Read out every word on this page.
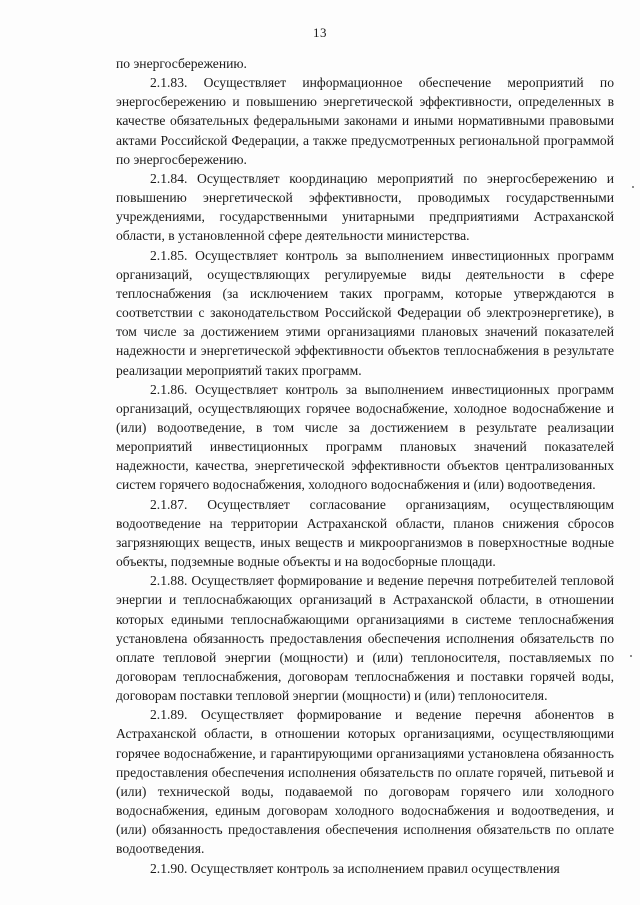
13

по энергосбережению.

2.1.83. Осуществляет информационное обеспечение мероприятий по энергосбережению и повышению энергетической эффективности, определенных в качестве обязательных федеральными законами и иными нормативными правовыми актами Российской Федерации, а также предусмотренных региональной программой по энергосбережению.

2.1.84. Осуществляет координацию мероприятий по энергосбережению и повышению энергетической эффективности, проводимых государственными учреждениями, государственными унитарными предприятиями Астраханской области, в установленной сфере деятельности министерства.

2.1.85. Осуществляет контроль за выполнением инвестиционных программ организаций, осуществляющих регулируемые виды деятельности в сфере теплоснабжения (за исключением таких программ, которые утверждаются в соответствии с законодательством Российской Федерации об электроэнергетике), в том числе за достижением этими организациями плановых значений показателей надежности и энергетической эффективности объектов теплоснабжения в результате реализации мероприятий таких программ.

2.1.86. Осуществляет контроль за выполнением инвестиционных программ организаций, осуществляющих горячее водоснабжение, холодное водоснабжение и (или) водоотведение, в том числе за достижением в результате реализации мероприятий инвестиционных программ плановых значений показателей надежности, качества, энергетической эффективности объектов централизованных систем горячего водоснабжения, холодного водоснабжения и (или) водоотведения.

2.1.87. Осуществляет согласование организациям, осуществляющим водоотведение на территории Астраханской области, планов снижения сбросов загрязняющих веществ, иных веществ и микроорганизмов в поверхностные водные объекты, подземные водные объекты и на водосборные площади.

2.1.88. Осуществляет формирование и ведение перечня потребителей тепловой энергии и теплоснабжающих организаций в Астраханской области, в отношении которых едиными теплоснабжающими организациями в системе теплоснабжения установлена обязанность предоставления обеспечения исполнения обязательств по оплате тепловой энергии (мощности) и (или) теплоносителя, поставляемых по договорам теплоснабжения, договорам теплоснабжения и поставки горячей воды, договорам поставки тепловой энергии (мощности) и (или) теплоносителя.

2.1.89. Осуществляет формирование и ведение перечня абонентов в Астраханской области, в отношении которых организациями, осуществляющими горячее водоснабжение, и гарантирующими организациями установлена обязанность предоставления обеспечения исполнения обязательств по оплате горячей, питьевой и (или) технической воды, подаваемой по договорам горячего или холодного водоснабжения, единым договорам холодного водоснабжения и водоотведения, и (или) обязанность предоставления обеспечения исполнения обязательств по оплате водоотведения.

2.1.90. Осуществляет контроль за исполнением правил осуществления
